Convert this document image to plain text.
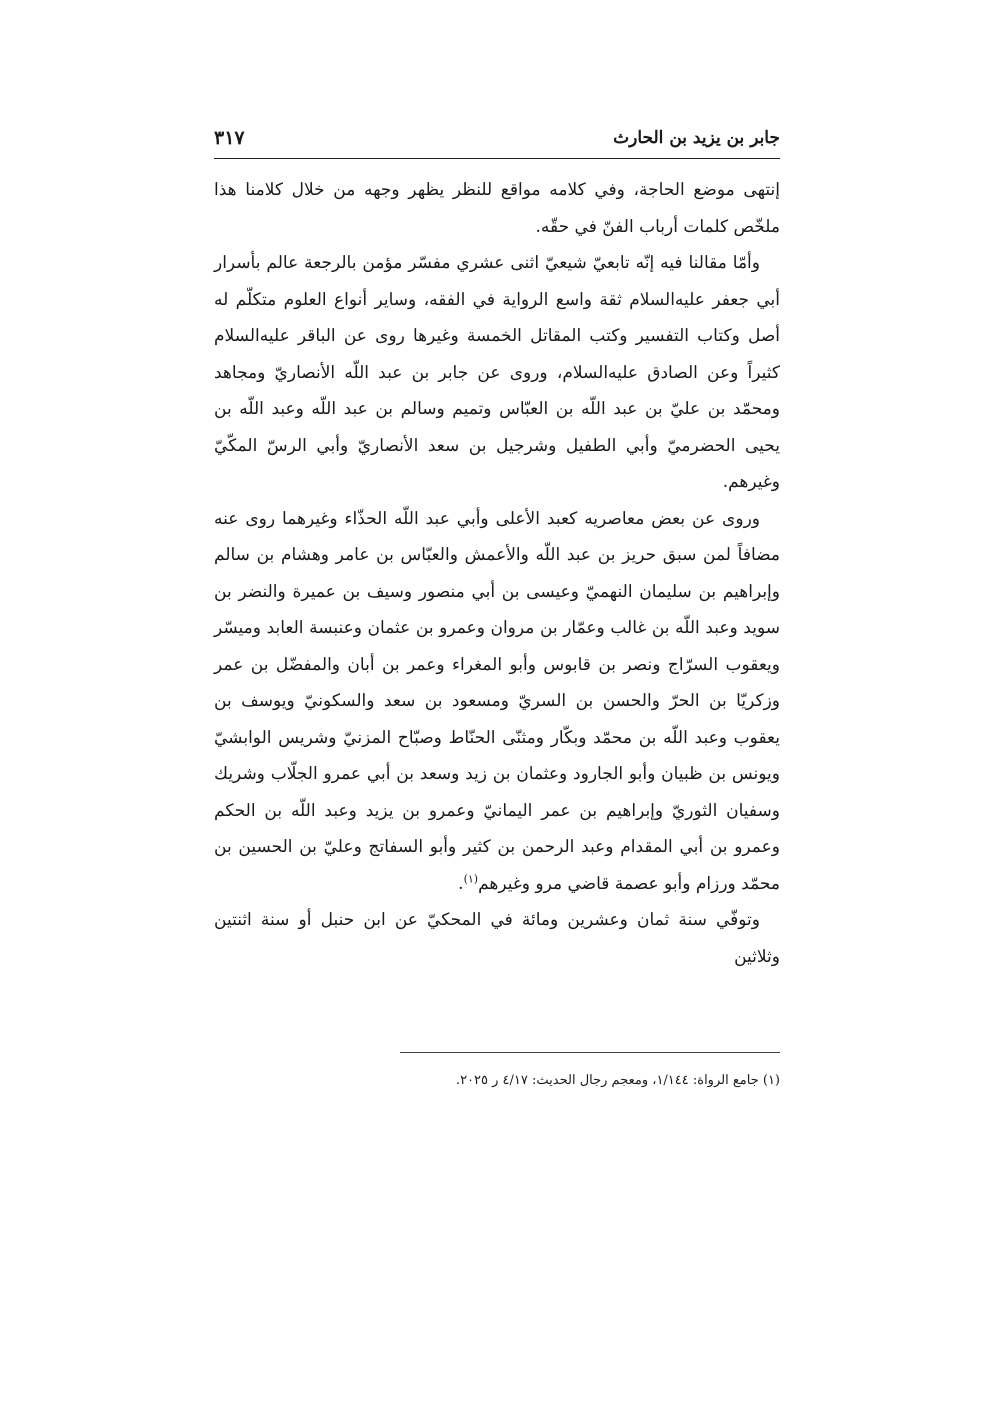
جابر بن يزيد بن الحارث
٣١٧

إنتهى موضع الحاجة، وفي كلامه مواقع للنظر يظهر وجهه من خلال كلامنا هذا ملخّص كلمات أرباب الفنّ في حقّه.

وأمّا مقالنا فيه إنّه تابعيّ شيعيّ اثنى عشري مفسّر مؤمن بالرجعة عالم بأسرار أبي جعفر عليه‌السلام ثقة واسع الرواية في الفقه، وساير أنواع العلوم متكلّم له أصل وكتاب التفسير وكتب المقاتل الخمسة وغيرها روى عن الباقر عليه‌السلام كثيراً وعن الصادق عليه‌السلام، وروى عن جابر بن عبد اللّه الأنصاريّ ومجاهد ومحمّد بن عليّ بن عبد اللّه بن العبّاس وتميم وسالم بن عبد اللّه وعبد اللّه بن يحيى الحضرميّ وأبي الطفيل وشرجيل بن سعد الأنصاريّ وأبي الرسّ المكّيّ وغيرهم.

وروى عن بعض معاصريه كعبد الأعلى وأبي عبد اللّه الحذّاء وغيرهما روى عنه مضافاً لمن سبق حريز بن عبد اللّه والأعمش والعبّاس بن عامر وهشام بن سالم وإبراهيم بن سليمان النهميّ وعيسى بن أبي منصور وسيف بن عميرة والنضر بن سويد وعبد اللّه بن غالب وعمّار بن مروان وعمرو بن عثمان وعنبسة العابد وميسّر ويعقوب السرّاج ونصر بن قابوس وأبو المغراء وعمر بن أبان والمفضّل بن عمر وزكريّا بن الحرّ والحسن بن السريّ ومسعود بن سعد والسكونيّ ويوسف بن يعقوب وعبد اللّه بن محمّد وبكّار ومثنّى الحنّاط وصبّاح المزنيّ وشريس الوابشيّ ويونس بن ظبيان وأبو الجارود وعثمان بن زيد وسعد بن أبي عمرو الجلّاب وشريك وسفيان الثوريّ وإبراهيم بن عمر اليمانيّ وعمرو بن يزيد وعبد اللّه بن الحكم وعمرو بن أبي المقدام وعبد الرحمن بن كثير وأبو السفاتج وعليّ بن الحسين بن محمّد ورزام وأبو عصمة قاضي مرو وغيرهم$^{(١)}$.

وتوفّي سنة ثمان وعشرين ومائة في المحكيّ عن ابن حنبل أو سنة اثنتين وثلاثين

(١) جامع الرواة: ١/١٤٤، ومعجم رجال الحديث: ٤/١٧ ر ٢٠٢٥.
